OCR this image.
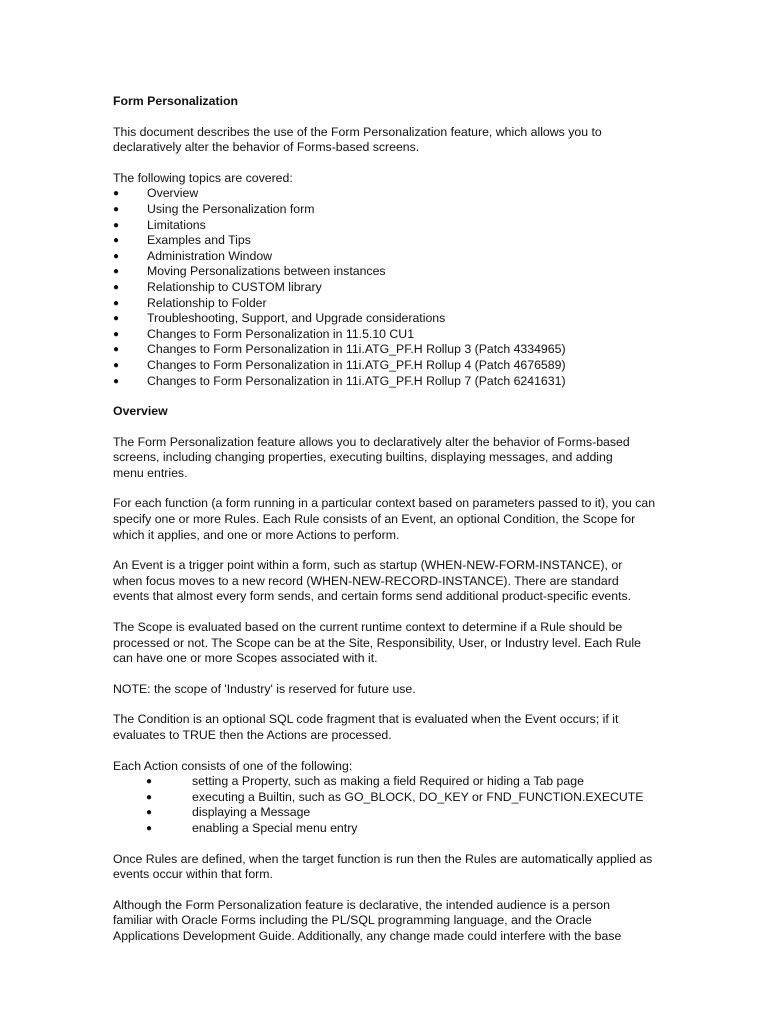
Form Personalization

This document describes the use of the Form Personalization feature, which allows you to declaratively alter the behavior of Forms-based screens.

The following topics are covered:

● Overview
● Using the Personalization form
● Limitations
● Examples and Tips
● Administration Window
● Moving Personalizations between instances
● Relationship to CUSTOM library
● Relationship to Folder
● Troubleshooting, Support, and Upgrade considerations
● Changes to Form Personalization in 11.5.10 CU1
● Changes to Form Personalization in 11i.ATG_PF.H Rollup 3 (Patch 4334965)
● Changes to Form Personalization in 11i.ATG_PF.H Rollup 4 (Patch 4676589)
● Changes to Form Personalization in 11i.ATG_PF.H Rollup 7 (Patch 6241631)

Overview

The Form Personalization feature allows you to declaratively alter the behavior of Forms-based screens, including changing properties, executing builtins, displaying messages, and adding menu entries.

For each function (a form running in a particular context based on parameters passed to it), you can specify one or more Rules. Each Rule consists of an Event, an optional Condition, the Scope for which it applies, and one or more Actions to perform.

An Event is a trigger point within a form, such as startup (WHEN-NEW-FORM-INSTANCE), or when focus moves to a new record (WHEN-NEW-RECORD-INSTANCE). There are standard events that almost every form sends, and certain forms send additional product-specific events.

The Scope is evaluated based on the current runtime context to determine if a Rule should be processed or not. The Scope can be at the Site, Responsibility, User, or Industry level. Each Rule can have one or more Scopes associated with it.

NOTE: the scope of 'Industry' is reserved for future use.

The Condition is an optional SQL code fragment that is evaluated when the Event occurs; if it evaluates to TRUE then the Actions are processed.

Each Action consists of one of the following:

●	setting a Property, such as making a field Required or hiding a Tab page
●	executing a Builtin, such as GO_BLOCK, DO_KEY or FND_FUNCTION.EXECUTE
●	displaying a Message
●	enabling a Special menu entry

Once Rules are defined, when the target function is run then the Rules are automatically applied as events occur within that form.

Although the Form Personalization feature is declarative, the intended audience is a person familiar with Oracle Forms including the PL/SQL programming language, and the Oracle Applications Development Guide. Additionally, any change made could interfere with the base
